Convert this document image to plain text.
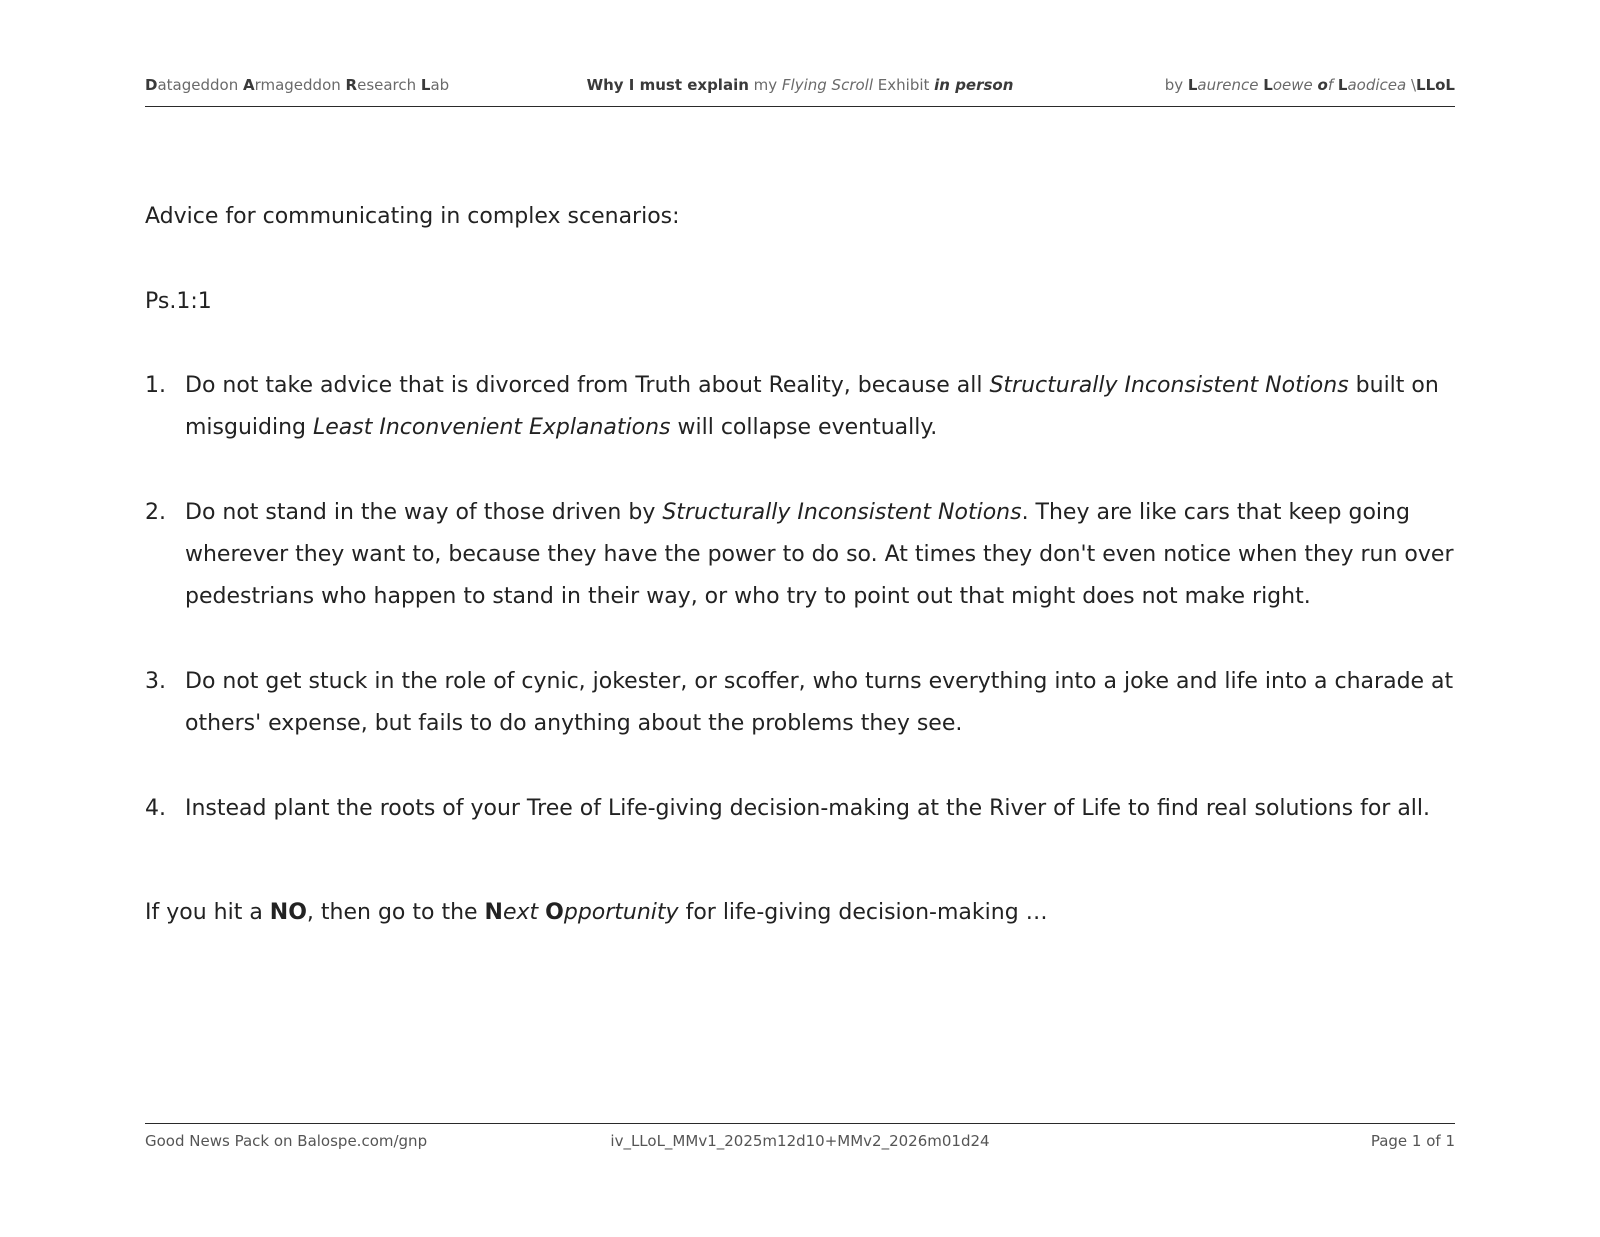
Datageddon Armageddon Research Lab	Why I must explain my Flying Scroll Exhibit in person	by Laurence Loewe of Laodicea \LLoL

Advice for communicating in complex scenarios:

Ps.1:1

1. Do not take advice that is divorced from Truth about Reality, because all Structurally Inconsistent Notions built on misguiding Least Inconvenient Explanations will collapse eventually.
2. Do not stand in the way of those driven by Structurally Inconsistent Notions. They are like cars that keep going wherever they want to, because they have the power to do so. At times they don't even notice when they run over pedestrians who happen to stand in their way, or who try to point out that might does not make right.
3. Do not get stuck in the role of cynic, jokester, or scoffer, who turns everything into a joke and life into a charade at others' expense, but fails to do anything about the problems they see.
4. Instead plant the roots of your Tree of Life-giving decision-making at the River of Life to find real solutions for all.

If you hit a NO, then go to the Next Opportunity for life-giving decision-making …

Good News Pack on Balospe.com/gnp	iv_LLoL_MMv1_2025m12d10+MMv2_2026m01d24	Page 1 of 1
